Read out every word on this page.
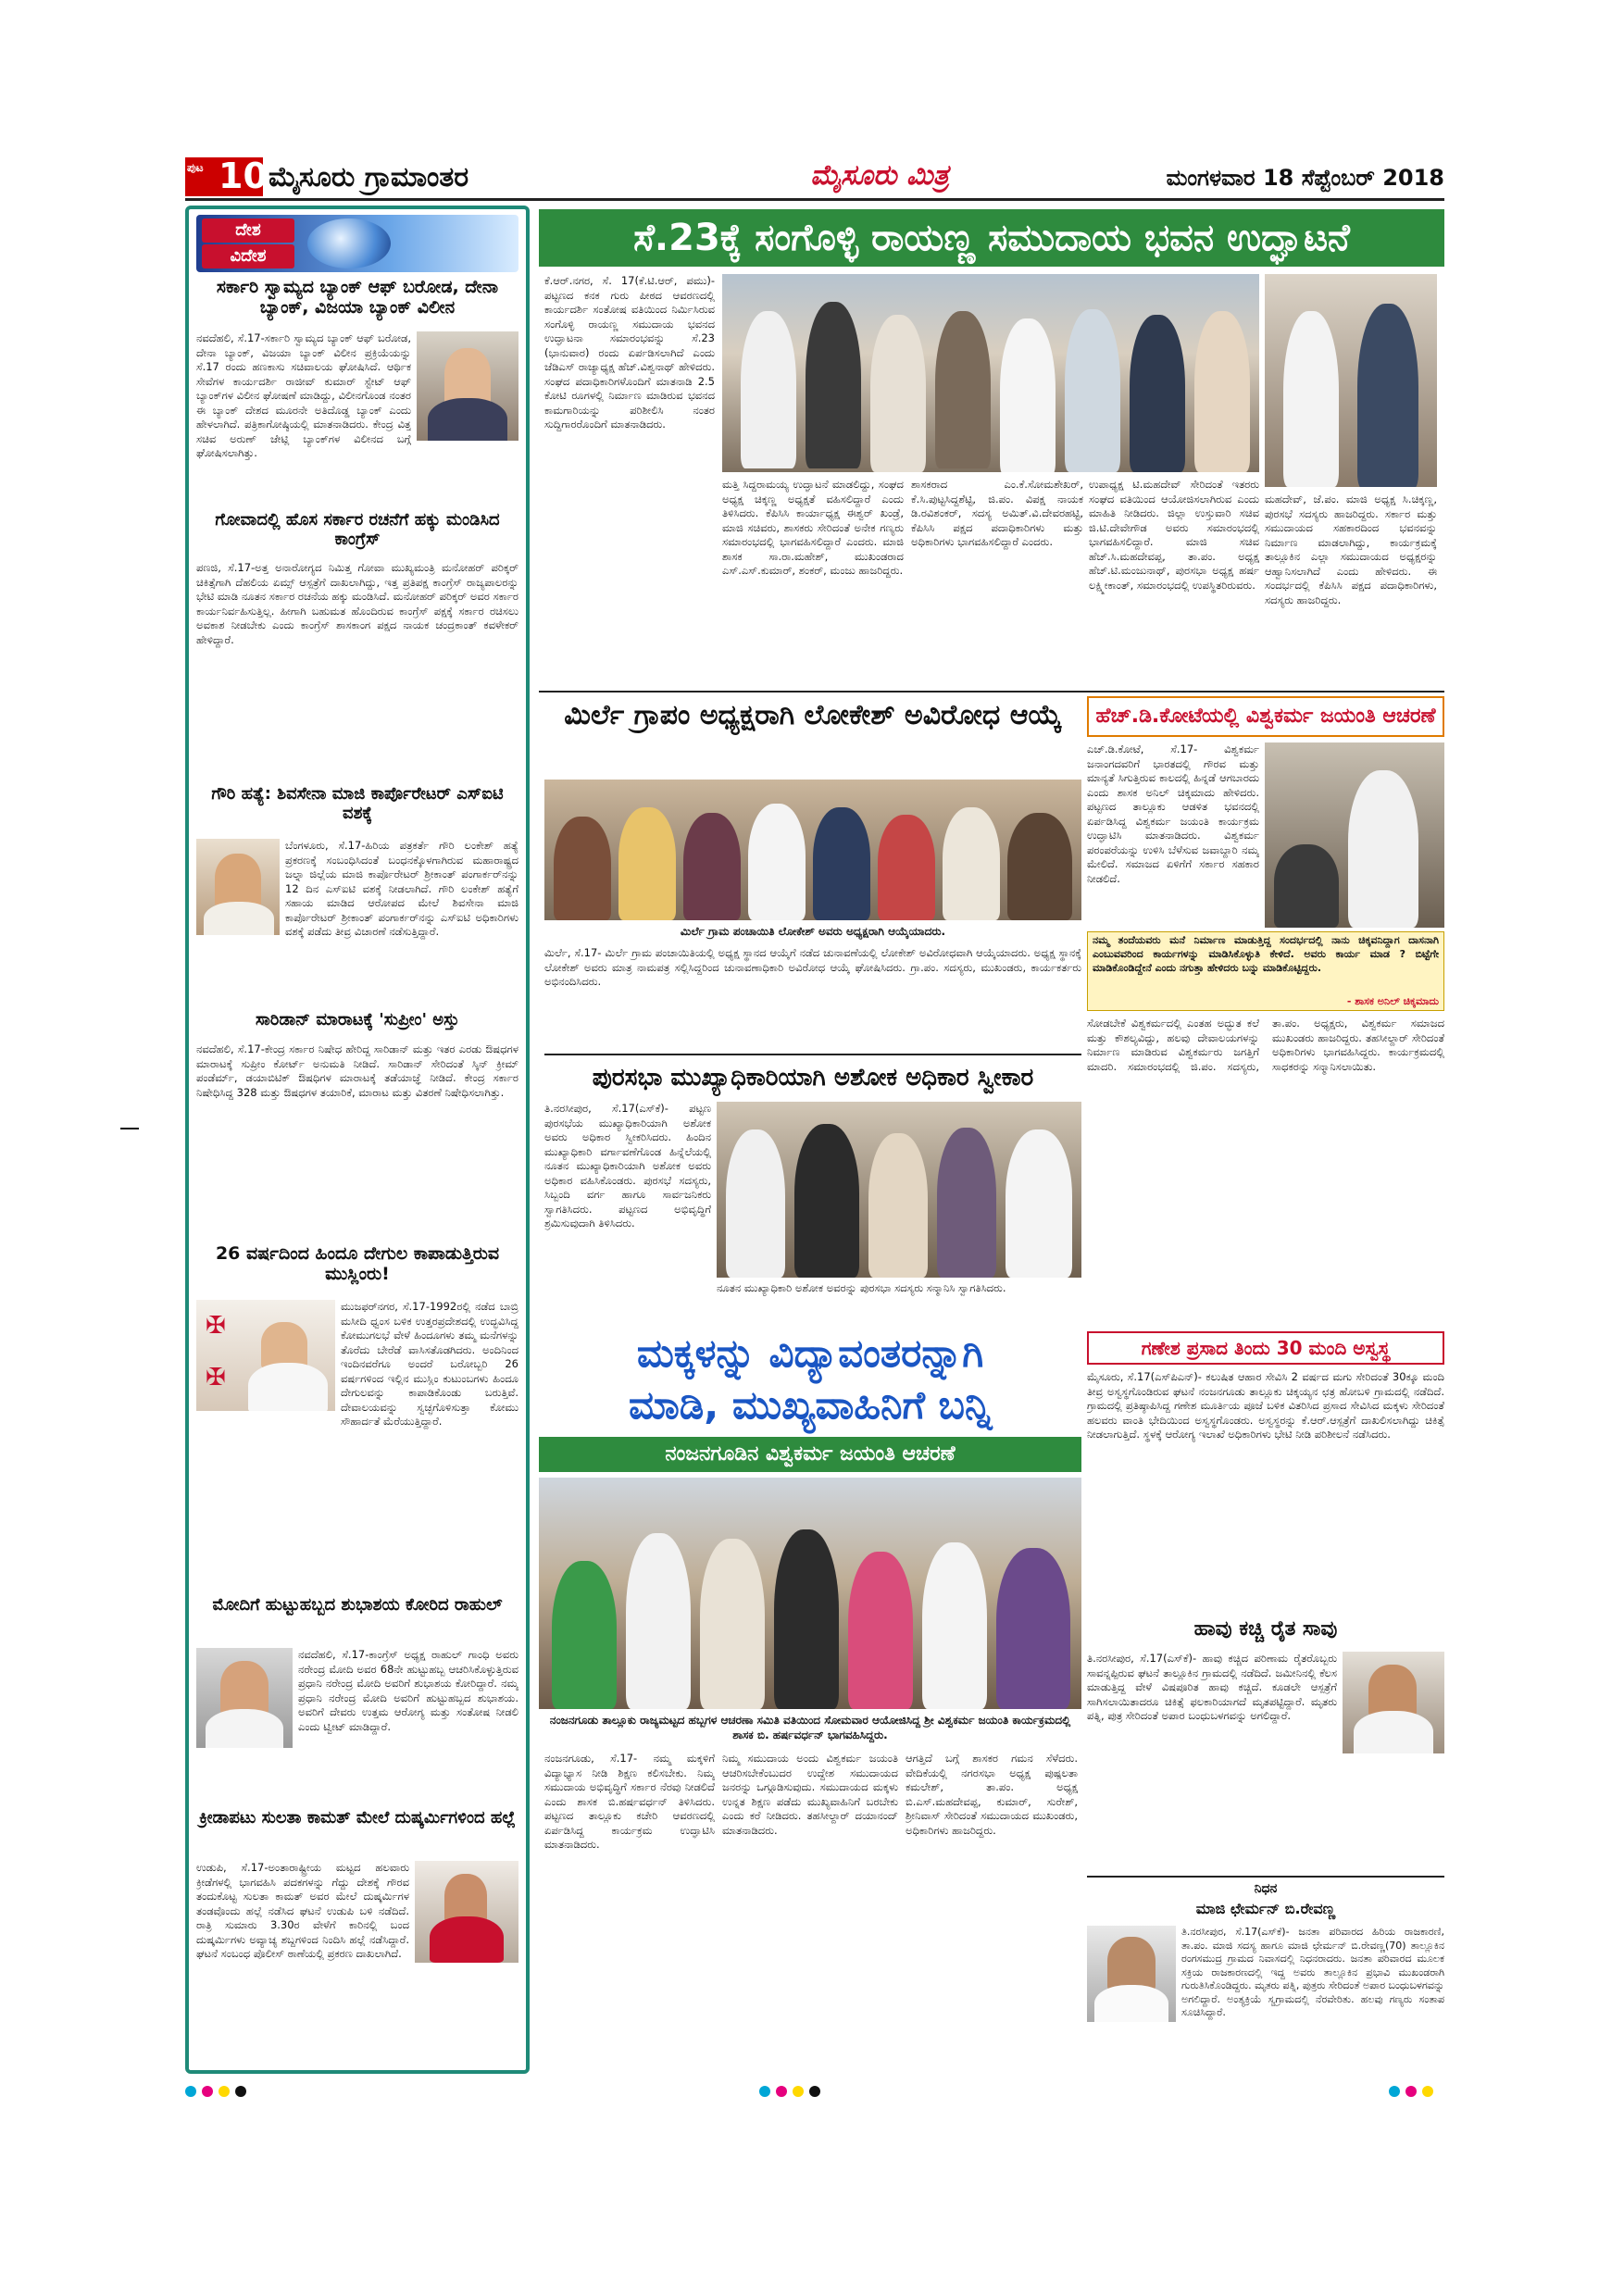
ಪುಟ 10 ಮೈಸೂರು ಗ್ರಾಮಾಂತರ	ಮೈಸೂರು ಮಿತ್ರ	ಮಂಗಳವಾರ 18 ಸೆಪ್ಟೆಂಬರ್ 2018
ದೇಶ
ವಿದೇಶ
ಸರ್ಕಾರಿ ಸ್ವಾಮ್ಯದ ಬ್ಯಾಂಕ್ ಆಫ್ ಬರೋಡ, ದೇನಾ ಬ್ಯಾಂಕ್, ವಿಜಯಾ ಬ್ಯಾಂಕ್ ವಿಲೀನ
ನವದೆಹಲಿ, ಸೆ.17-ಸರ್ಕಾರಿ ಸ್ವಾಮ್ಯದ ಬ್ಯಾಂಕ್ ಆಫ್ ಬರೋಡ, ದೇನಾ ಬ್ಯಾಂಕ್, ವಿಜಯಾ ಬ್ಯಾಂಕ್ ವಿಲೀನ ಪ್ರಕ್ರಿಯೆಯನ್ನು ಸೆ.17 ರಂದು ಹಣಕಾಸು ಸಚಿವಾಲಯ ಘೋಷಿಸಿದೆ. ಆರ್ಥಿಕ ಸೇವೆಗಳ ಕಾರ್ಯದರ್ಶಿ ರಾಜೀವ್ ಕುಮಾರ್ ಸ್ಟೇಟ್ ಆಫ್ ಬ್ಯಾಂಕ್‌ಗಳ ವಿಲೀನ ಘೋಷಣೆ ಮಾಡಿದ್ದು, ವಿಲೀನಗೊಂಡ ನಂತರ ಈ ಬ್ಯಾಂಕ್ ದೇಶದ ಮೂರನೇ ಅತಿದೊಡ್ಡ ಬ್ಯಾಂಕ್ ಎಂದು ಹೇಳಲಾಗಿದೆ. ಪತ್ರಿಕಾಗೋಷ್ಠಿಯಲ್ಲಿ ಮಾತನಾಡಿದರು. ಕೇಂದ್ರ ವಿತ್ತ ಸಚಿವ ಅರುಣ್ ಜೇಟ್ಲಿ ಬ್ಯಾಂಕ್‌ಗಳ ವಿಲೀನದ ಬಗ್ಗೆ ಘೋಷಿಸಲಾಗಿತ್ತು.
ಗೋವಾದಲ್ಲಿ ಹೊಸ ಸರ್ಕಾರ ರಚನೆಗೆ ಹಕ್ಕು ಮಂಡಿಸಿದ ಕಾಂಗ್ರೆಸ್
ಪಣಜಿ, ಸೆ.17-ಅತ್ತ ಅನಾರೋಗ್ಯದ ನಿಮಿತ್ತ ಗೋವಾ ಮುಖ್ಯಮಂತ್ರಿ ಮನೋಹರ್ ಪರಿಕ್ಕರ್ ಚಿಕಿತ್ಸೆಗಾಗಿ ದೆಹಲಿಯ ಏಮ್ಸ್ ಆಸ್ಪತ್ರೆಗೆ ದಾಖಲಾಗಿದ್ದು, ಇತ್ತ ಪ್ರತಿಪಕ್ಷ ಕಾಂಗ್ರೆಸ್ ರಾಜ್ಯಪಾಲರನ್ನು ಭೇಟಿ ಮಾಡಿ ನೂತನ ಸರ್ಕಾರ ರಚನೆಯ ಹಕ್ಕು ಮಂಡಿಸಿದೆ. ಮನೋಹರ್ ಪರಿಕ್ಕರ್ ಅವರ ಸರ್ಕಾರ ಕಾರ್ಯನಿರ್ವಹಿಸುತ್ತಿಲ್ಲ. ಹೀಗಾಗಿ ಬಹುಮತ ಹೊಂದಿರುವ ಕಾಂಗ್ರೆಸ್ ಪಕ್ಷಕ್ಕೆ ಸರ್ಕಾರ ರಚಿಸಲು ಅವಕಾಶ ನೀಡಬೇಕು ಎಂದು ಕಾಂಗ್ರೆಸ್ ಶಾಸಕಾಂಗ ಪಕ್ಷದ ನಾಯಕ ಚಂದ್ರಕಾಂತ್ ಕವಳೇಕರ್ ಹೇಳಿದ್ದಾರೆ.
ಗೌರಿ ಹತ್ಯೆ: ಶಿವಸೇನಾ ಮಾಜಿ ಕಾರ್ಪೊರೇಟರ್ ಎಸ್‌ಐಟಿ ವಶಕ್ಕೆ
ಬೆಂಗಳೂರು, ಸೆ.17-ಹಿರಿಯ ಪತ್ರಕರ್ತೆ ಗೌರಿ ಲಂಕೇಶ್ ಹತ್ಯೆ ಪ್ರಕರಣಕ್ಕೆ ಸಂಬಂಧಿಸಿದಂತೆ ಬಂಧನಕ್ಕೊಳಗಾಗಿರುವ ಮಹಾರಾಷ್ಟ್ರದ ಜಲ್ನಾ ಜಿಲ್ಲೆಯ ಮಾಜಿ ಕಾರ್ಪೊರೇಟರ್ ಶ್ರೀಕಾಂತ್ ಪಂಗಾರ್ಕರ್‌ನನ್ನು 12 ದಿನ ಎಸ್‌ಐಟಿ ವಶಕ್ಕೆ ನೀಡಲಾಗಿದೆ. ಗೌರಿ ಲಂಕೇಶ್ ಹತ್ಯೆಗೆ ಸಹಾಯ ಮಾಡಿದ ಆರೋಪದ ಮೇಲೆ ಶಿವಸೇನಾ ಮಾಜಿ ಕಾರ್ಪೊರೇಟರ್ ಶ್ರೀಕಾಂತ್ ಪಂಗಾರ್ಕರ್‌ನನ್ನು ಎಸ್‌ಐಟಿ ಅಧಿಕಾರಿಗಳು ವಶಕ್ಕೆ ಪಡೆದು ತೀವ್ರ ವಿಚಾರಣೆ ನಡೆಸುತ್ತಿದ್ದಾರೆ.
ಸಾರಿಡಾನ್ ಮಾರಾಟಕ್ಕೆ 'ಸುಪ್ರೀಂ' ಅಸ್ತು
ನವದೆಹಲಿ, ಸೆ.17-ಕೇಂದ್ರ ಸರ್ಕಾರ ನಿಷೇಧ ಹೇರಿದ್ದ ಸಾರಿಡಾನ್ ಮತ್ತು ಇತರ ಎರಡು ಔಷಧಗಳ ಮಾರಾಟಕ್ಕೆ ಸುಪ್ರೀಂ ಕೋರ್ಟ್ ಅನುಮತಿ ನೀಡಿದೆ. ಸಾರಿಡಾನ್ ಸೇರಿದಂತೆ ಸ್ಕಿನ್ ಕ್ರೀಮ್ ಪಂಡೆರ್ಮ್, ಡಯಾಬಿಟಿಕ್ ಔಷಧಿಗಳ ಮಾರಾಟಕ್ಕೆ ತಡೆಯಾಜ್ಞೆ ನೀಡಿದೆ. ಕೇಂದ್ರ ಸರ್ಕಾರ ನಿಷೇಧಿಸಿದ್ದ 328 ಮತ್ತು ಔಷಧಗಳ ತಯಾರಿಕೆ, ಮಾರಾಟ ಮತ್ತು ವಿತರಣೆ ನಿಷೇಧಿಸಲಾಗಿತ್ತು.
26 ವರ್ಷದಿಂದ ಹಿಂದೂ ದೇಗುಲ ಕಾಪಾಡುತ್ತಿರುವ ಮುಸ್ಲಿಂರು!
✠
✠
ಮುಜಫರ್‌ನಗರ, ಸೆ.17-1992ರಲ್ಲಿ ನಡೆದ ಬಾಬ್ರಿ ಮಸೀದಿ ಧ್ವಂಸ ಬಳಿಕ ಉತ್ತರಪ್ರದೇಶದಲ್ಲಿ ಉದ್ಭವಿಸಿದ್ದ ಕೋಮುಗಲಭೆ ವೇಳೆ ಹಿಂದೂಗಳು ತಮ್ಮ ಮನೆಗಳನ್ನು ತೊರೆದು ಬೇರೆಡೆ ವಾಸಿಸತೊಡಗಿದರು. ಅಂದಿನಿಂದ ಇಂದಿನವರೆಗೂ ಅಂದರೆ ಬರೋಬ್ಬರಿ 26 ವರ್ಷಗಳಿಂದ ಇಲ್ಲಿನ ಮುಸ್ಲಿಂ ಕುಟುಂಬಗಳು ಹಿಂದೂ ದೇಗುಲವನ್ನು ಕಾಪಾಡಿಕೊಂಡು ಬರುತ್ತಿವೆ. ದೇವಾಲಯವನ್ನು ಸ್ವಚ್ಛಗೊಳಿಸುತ್ತಾ ಕೋಮು ಸೌಹಾರ್ದತೆ ಮೆರೆಯುತ್ತಿದ್ದಾರೆ.
ಮೋದಿಗೆ ಹುಟ್ಟುಹಬ್ಬದ ಶುಭಾಶಯ ಕೋರಿದ ರಾಹುಲ್
ನವದೆಹಲಿ, ಸೆ.17-ಕಾಂಗ್ರೆಸ್ ಅಧ್ಯಕ್ಷ ರಾಹುಲ್ ಗಾಂಧಿ ಅವರು ನರೇಂದ್ರ ಮೋದಿ ಅವರ 68ನೇ ಹುಟ್ಟುಹಬ್ಬ ಆಚರಿಸಿಕೊಳ್ಳುತ್ತಿರುವ ಪ್ರಧಾನಿ ನರೇಂದ್ರ ಮೋದಿ ಅವರಿಗೆ ಶುಭಾಶಯ ಕೋರಿದ್ದಾರೆ. ನಮ್ಮ ಪ್ರಧಾನಿ ನರೇಂದ್ರ ಮೋದಿ ಅವರಿಗೆ ಹುಟ್ಟುಹಬ್ಬದ ಶುಭಾಶಯ. ಅವರಿಗೆ ದೇವರು ಉತ್ತಮ ಆರೋಗ್ಯ ಮತ್ತು ಸಂತೋಷ ನೀಡಲಿ ಎಂದು ಟ್ವೀಟ್ ಮಾಡಿದ್ದಾರೆ.
ಕ್ರೀಡಾಪಟು ಸುಲತಾ ಕಾಮತ್ ಮೇಲೆ ದುಷ್ಕರ್ಮಿಗಳಿಂದ ಹಲ್ಲೆ
ಉಡುಪಿ, ಸೆ.17-ಅಂತಾರಾಷ್ಟ್ರೀಯ ಮಟ್ಟದ ಹಲವಾರು ಕ್ರೀಡೆಗಳಲ್ಲಿ ಭಾಗವಹಿಸಿ ಪದಕಗಳನ್ನು ಗೆದ್ದು ದೇಶಕ್ಕೆ ಗೌರವ ತಂದುಕೊಟ್ಟ ಸುಲತಾ ಕಾಮತ್ ಅವರ ಮೇಲೆ ದುಷ್ಕರ್ಮಿಗಳ ತಂಡವೊಂದು ಹಲ್ಲೆ ನಡೆಸಿದ ಘಟನೆ ಉಡುಪಿ ಬಳಿ ನಡೆದಿದೆ. ರಾತ್ರಿ ಸುಮಾರು 3.30ರ ವೇಳೆಗೆ ಕಾರಿನಲ್ಲಿ ಬಂದ ದುಷ್ಕರ್ಮಿಗಳು ಅವ್ಯಾಚ್ಯ ಶಬ್ದಗಳಿಂದ ನಿಂದಿಸಿ ಹಲ್ಲೆ ನಡೆಸಿದ್ದಾರೆ. ಘಟನೆ ಸಂಬಂಧ ಪೊಲೀಸ್ ಠಾಣೆಯಲ್ಲಿ ಪ್ರಕರಣ ದಾಖಲಾಗಿದೆ.
ಸೆ.23ಕ್ಕೆ ಸಂಗೊಳ್ಳಿ ರಾಯಣ್ಣ ಸಮುದಾಯ ಭವನ ಉದ್ಘಾಟನೆ
ಕೆ.ಆರ್.ನಗರ, ಸೆ. 17(ಕೆ.ಟಿ.ಆರ್, ಪಮು)-ಪಟ್ಟಣದ ಕನಕ ಗುರು ಪೀಠದ ಆವರಣದಲ್ಲಿ ಕಾರ್ಯದರ್ಶಿ ಸಂತೋಷ ವತಿಯಿಂದ ನಿರ್ಮಿಸಿರುವ ಸಂಗೊಳ್ಳಿ ರಾಯಣ್ಣ ಸಮುದಾಯ ಭವನದ ಉದ್ಘಾಟನಾ ಸಮಾರಂಭವನ್ನು ಸೆ.23 (ಭಾನುವಾರ) ರಂದು ಏರ್ಪಡಿಸಲಾಗಿದೆ ಎಂದು ಜೆಡಿಎಸ್ ರಾಜ್ಯಾಧ್ಯಕ್ಷ ಹೆಚ್.ವಿಶ್ವನಾಥ್ ಹೇಳಿದರು. ಸಂಘದ ಪದಾಧಿಕಾರಿಗಳೊಂದಿಗೆ ಮಾತನಾಡಿ 2.5 ಕೋಟಿ ರೂಗಳಲ್ಲಿ ನಿರ್ಮಾಣ ಮಾಡಿರುವ ಭವನದ ಕಾಮಗಾರಿಯನ್ನು ಪರಿಶೀಲಿಸಿ ನಂತರ ಸುದ್ದಿಗಾರರೊಂದಿಗೆ ಮಾತನಾಡಿದರು.
ಮಹದೇವ್, ಜೆ.ಪಂ. ಮಾಜಿ ಅಧ್ಯಕ್ಷ ಸಿ.ಚಿಕ್ಕಣ್ಣ, ಪುರಸಭೆ ಸದಸ್ಯರು ಹಾಜರಿದ್ದರು. ಸರ್ಕಾರ ಮತ್ತು ಸಮುದಾಯದ ಸಹಕಾರದಿಂದ ಭವನವನ್ನು ನಿರ್ಮಾಣ ಮಾಡಲಾಗಿದ್ದು, ಕಾರ್ಯಕ್ರಮಕ್ಕೆ ತಾಲ್ಲೂಕಿನ ಎಲ್ಲಾ ಸಮುದಾಯದ ಅಧ್ಯಕ್ಷರನ್ನು ಆಹ್ವಾನಿಸಲಾಗಿದೆ ಎಂದು ಹೇಳಿದರು. ಈ ಸಂದರ್ಭದಲ್ಲಿ ಕೆಪಿಸಿಸಿ ಪಕ್ಷದ ಪದಾಧಿಕಾರಿಗಳು, ಸದಸ್ಯರು ಹಾಜರಿದ್ದರು.
ಮತ್ತಿ ಸಿದ್ದರಾಮಯ್ಯ ಉದ್ಘಾಟನೆ ಮಾಡಲಿದ್ದು, ಸಂಘದ ಅಧ್ಯಕ್ಷ ಚಿಕ್ಕಣ್ಣ ಅಧ್ಯಕ್ಷತೆ ವಹಿಸಲಿದ್ದಾರೆ ಎಂದು ತಿಳಿಸಿದರು. ಕೆಪಿಸಿಸಿ ಕಾರ್ಯಾಧ್ಯಕ್ಷ ಈಶ್ವರ್ ಖಂಡ್ರೆ, ಮಾಜಿ ಸಚಿವರು, ಶಾಸಕರು ಸೇರಿದಂತೆ ಅನೇಕ ಗಣ್ಯರು ಸಮಾರಂಭದಲ್ಲಿ ಭಾಗವಹಿಸಲಿದ್ದಾರೆ ಎಂದರು. ಮಾಜಿ ಶಾಸಕ ಸಾ.ರಾ.ಮಹೇಶ್, ಮುಖಂಡರಾದ ಎಸ್.ಎಸ್.ಕುಮಾರ್, ಶಂಕರ್, ಮಂಜು ಹಾಜರಿದ್ದರು.
ಶಾಸಕರಾದ ಎಂ.ಕೆ.ಸೋಮಶೇಖರ್, ಕೆ.ಸಿ.ಪುಟ್ಟಸಿದ್ದಶೆಟ್ಟಿ, ಜಿ.ಪಂ. ವಿಪಕ್ಷ ನಾಯಕ ಡಿ.ರವಿಶಂಕರ್, ಸದಸ್ಯ ಅಮಿತ್.ವಿ.ದೇವರಹಟ್ಟಿ, ಕೆಪಿಸಿಸಿ ಪಕ್ಷದ ಪದಾಧಿಕಾರಿಗಳು ಮತ್ತು ಅಧಿಕಾರಿಗಳು ಭಾಗವಹಿಸಲಿದ್ದಾರೆ ಎಂದರು.
ಉಪಾಧ್ಯಕ್ಷ ಟಿ.ಮಹದೇವ್ ಸೇರಿದಂತೆ ಇತರರು ಸಂಘದ ವತಿಯಿಂದ ಆಯೋಜಿಸಲಾಗಿರುವ ಎಂದು ಮಾಹಿತಿ ನೀಡಿದರು. ಜಿಲ್ಲಾ ಉಸ್ತುವಾರಿ ಸಚಿವ ಜಿ.ಟಿ.ದೇವೇಗೌಡ ಅವರು ಸಮಾರಂಭದಲ್ಲಿ ಭಾಗವಹಿಸಲಿದ್ದಾರೆ. ಮಾಜಿ ಸಚಿವ ಹೆಚ್.ಸಿ.ಮಹದೇವಪ್ಪ, ತಾ.ಪಂ. ಅಧ್ಯಕ್ಷ ಹೆಚ್.ಟಿ.ಮಂಜುನಾಥ್, ಪುರಸಭಾ ಅಧ್ಯಕ್ಷ ಹರ್ಷ ಲಕ್ಷ್ಮೀಕಾಂತ್, ಸಮಾರಂಭದಲ್ಲಿ ಉಪಸ್ಥಿತರಿರುವರು.
ಮಿರ್ಲೆ ಗ್ರಾಪಂ ಅಧ್ಯಕ್ಷರಾಗಿ ಲೋಕೇಶ್ ಅವಿರೋಧ ಆಯ್ಕೆ
ಮಿರ್ಲೆ ಗ್ರಾಮ ಪಂಚಾಯಿತಿ ಲೋಕೇಶ್ ಅವರು ಅಧ್ಯಕ್ಷರಾಗಿ ಆಯ್ಕೆಯಾದರು.
ಮಿರ್ಲೆ, ಸೆ.17- ಮಿರ್ಲೆ ಗ್ರಾಮ ಪಂಚಾಯಿತಿಯಲ್ಲಿ ಅಧ್ಯಕ್ಷ ಸ್ಥಾನದ ಆಯ್ಕೆಗೆ ನಡೆದ ಚುನಾವಣೆಯಲ್ಲಿ ಲೋಕೇಶ್ ಅವಿರೋಧವಾಗಿ ಆಯ್ಕೆಯಾದರು. ಅಧ್ಯಕ್ಷ ಸ್ಥಾನಕ್ಕೆ ಲೋಕೇಶ್ ಅವರು ಮಾತ್ರ ನಾಮಪತ್ರ ಸಲ್ಲಿಸಿದ್ದರಿಂದ ಚುನಾವಣಾಧಿಕಾರಿ ಅವಿರೋಧ ಆಯ್ಕೆ ಘೋಷಿಸಿದರು. ಗ್ರಾ.ಪಂ. ಸದಸ್ಯರು, ಮುಖಂಡರು, ಕಾರ್ಯಕರ್ತರು ಅಭಿನಂದಿಸಿದರು.
ಪುರಸಭಾ ಮುಖ್ಯಾಧಿಕಾರಿಯಾಗಿ ಅಶೋಕ ಅಧಿಕಾರ ಸ್ವೀಕಾರ
ತಿ.ನರಸೀಪುರ, ಸೆ.17(ಎಸ್‌ಕೆ)- ಪಟ್ಟಣ ಪುರಸಭೆಯ ಮುಖ್ಯಾಧಿಕಾರಿಯಾಗಿ ಅಶೋಕ ಅವರು ಅಧಿಕಾರ ಸ್ವೀಕರಿಸಿದರು. ಹಿಂದಿನ ಮುಖ್ಯಾಧಿಕಾರಿ ವರ್ಗಾವಣೆಗೊಂಡ ಹಿನ್ನೆಲೆಯಲ್ಲಿ ನೂತನ ಮುಖ್ಯಾಧಿಕಾರಿಯಾಗಿ ಅಶೋಕ ಅವರು ಅಧಿಕಾರ ವಹಿಸಿಕೊಂಡರು. ಪುರಸಭೆ ಸದಸ್ಯರು, ಸಿಬ್ಬಂದಿ ವರ್ಗ ಹಾಗೂ ಸಾರ್ವಜನಿಕರು ಸ್ವಾಗತಿಸಿದರು. ಪಟ್ಟಣದ ಅಭಿವೃದ್ಧಿಗೆ ಶ್ರಮಿಸುವುದಾಗಿ ತಿಳಿಸಿದರು.
ನೂತನ ಮುಖ್ಯಾಧಿಕಾರಿ ಅಶೋಕ ಅವರನ್ನು ಪುರಸಭಾ ಸದಸ್ಯರು ಸನ್ಮಾನಿಸಿ ಸ್ವಾಗತಿಸಿದರು.
ಹೆಚ್.ಡಿ.ಕೋಟೆಯಲ್ಲಿ ವಿಶ್ವಕರ್ಮ ಜಯಂತಿ ಆಚರಣೆ
ಎಚ್.ಡಿ.ಕೋಟೆ, ಸೆ.17- ವಿಶ್ವಕರ್ಮ ಜನಾಂಗದವರಿಗೆ ಭಾರತದಲ್ಲಿ ಗೌರವ ಮತ್ತು ಮಾನ್ಯತೆ ಸಿಗುತ್ತಿರುವ ಕಾಲದಲ್ಲಿ ಹಿನ್ನಡೆ ಆಗಬಾರದು ಎಂದು ಶಾಸಕ ಅನಿಲ್ ಚಿಕ್ಕಮಾದು ಹೇಳಿದರು. ಪಟ್ಟಣದ ತಾಲ್ಲೂಕು ಆಡಳಿತ ಭವನದಲ್ಲಿ ಏರ್ಪಡಿಸಿದ್ದ ವಿಶ್ವಕರ್ಮ ಜಯಂತಿ ಕಾರ್ಯಕ್ರಮ ಉದ್ಘಾಟಿಸಿ ಮಾತನಾಡಿದರು. ವಿಶ್ವಕರ್ಮ ಪರಂಪರೆಯನ್ನು ಉಳಿಸಿ ಬೆಳೆಸುವ ಜವಾಬ್ದಾರಿ ನಮ್ಮ ಮೇಲಿದೆ. ಸಮಾಜದ ಏಳಿಗೆಗೆ ಸರ್ಕಾರ ಸಹಕಾರ ನೀಡಲಿದೆ.
ನಮ್ಮ ತಂದೆಯವರು ಮನೆ ನಿರ್ಮಾಣ ಮಾಡುತ್ತಿದ್ದ ಸಂದರ್ಭದಲ್ಲಿ ನಾನು ಚಿಕ್ಕವನಿದ್ದಾಗ ದಾಸನಾಗಿ ಎಂಬುವವರಿಂದ ಕಾರ್ಯಗಳನ್ನು ಮಾಡಿಸಿಕೊಳ್ಳುತಿ ಕೇಳಿದೆ. ಅವರು ಕಾರ್ಯ ಮಾಡ ? ಬಿಟ್ಟೆಗೇ ಮಾಡಿಕೊಂಡಿದ್ದೇನೆ ಎಂದು ನಗುತ್ತಾ ಹೇಳಿದರು ಬನ್ನು ಮಾಡಿಕೊಟ್ಟಿದ್ದರು.
- ಶಾಸಕ ಅನಿಲ್ ಚಿಕ್ಕಮಾದು
ಸೋಡಬೇಕೆ ವಿಶ್ವಕರ್ಮದಲ್ಲಿ ಎಂತಹ ಅದ್ಭುತ ಕಲೆ ಮತ್ತು ಕೌಶಲ್ಯವಿದ್ದು, ಹಲವು ದೇವಾಲಯಗಳನ್ನು ನಿರ್ಮಾಣ ಮಾಡಿರುವ ವಿಶ್ವಕರ್ಮರು ಜಗತ್ತಿಗೆ ಮಾದರಿ. ಸಮಾರಂಭದಲ್ಲಿ ಜಿ.ಪಂ. ಸದಸ್ಯರು, ತಾ.ಪಂ. ಅಧ್ಯಕ್ಷರು, ವಿಶ್ವಕರ್ಮ ಸಮಾಜದ ಮುಖಂಡರು ಹಾಜರಿದ್ದರು. ತಹಸೀಲ್ದಾರ್ ಸೇರಿದಂತೆ ಅಧಿಕಾರಿಗಳು ಭಾಗವಹಿಸಿದ್ದರು. ಕಾರ್ಯಕ್ರಮದಲ್ಲಿ ಸಾಧಕರನ್ನು ಸನ್ಮಾನಿಸಲಾಯಿತು.
ಗಣೇಶ ಪ್ರಸಾದ ತಿಂದು 30 ಮಂದಿ ಅಸ್ವಸ್ಥ
ಮೈಸೂರು, ಸೆ.17(ಎಸ್‌ಪಿಎನ್)- ಕಲುಷಿತ ಆಹಾರ ಸೇವಿಸಿ 2 ವರ್ಷದ ಮಗು ಸೇರಿದಂತೆ 30ಕ್ಕೂ ಮಂದಿ ತೀವ್ರ ಅಸ್ವಸ್ಥಗೊಂಡಿರುವ ಘಟನೆ ನಂಜನಗೂಡು ತಾಲ್ಲೂಕು ಚಿಕ್ಕಯ್ಯನ ಛತ್ರ ಹೋಬಳಿ ಗ್ರಾಮದಲ್ಲಿ ನಡೆದಿದೆ. ಗ್ರಾಮದಲ್ಲಿ ಪ್ರತಿಷ್ಠಾಪಿಸಿದ್ದ ಗಣೇಶ ಮೂರ್ತಿಯ ಪೂಜೆ ಬಳಿಕ ವಿತರಿಸಿದ ಪ್ರಸಾದ ಸೇವಿಸಿದ ಮಕ್ಕಳು ಸೇರಿದಂತೆ ಹಲವರು ವಾಂತಿ ಭೇದಿಯಿಂದ ಅಸ್ವಸ್ಥಗೊಂಡರು. ಅಸ್ವಸ್ಥರನ್ನು ಕೆ.ಆರ್.ಆಸ್ಪತ್ರೆಗೆ ದಾಖಲಿಸಲಾಗಿದ್ದು ಚಿಕಿತ್ಸೆ ನೀಡಲಾಗುತ್ತಿದೆ. ಸ್ಥಳಕ್ಕೆ ಆರೋಗ್ಯ ಇಲಾಖೆ ಅಧಿಕಾರಿಗಳು ಭೇಟಿ ನೀಡಿ ಪರಿಶೀಲನೆ ನಡೆಸಿದರು.
ಮಕ್ಕಳನ್ನು ವಿದ್ಯಾವಂತರನ್ನಾಗಿ
ಮಾಡಿ, ಮುಖ್ಯವಾಹಿನಿಗೆ ಬನ್ನಿ
ನಂಜನಗೂಡಿನ ವಿಶ್ವಕರ್ಮ ಜಯಂತಿ ಆಚರಣೆ
ನಂಜನಗೂಡು ತಾಲ್ಲೂಕು ರಾಜ್ಯಮಟ್ಟದ ಹಬ್ಬಗಳ ಆಚರಣಾ ಸಮಿತಿ ವತಿಯಿಂದ ಸೋಮವಾರ ಆಯೋಜಿಸಿದ್ದ ಶ್ರೀ ವಿಶ್ವಕರ್ಮ ಜಯಂತಿ ಕಾರ್ಯಕ್ರಮದಲ್ಲಿ ಶಾಸಕ ಬಿ. ಹರ್ಷವರ್ಧನ್ ಭಾಗವಹಿಸಿದ್ದರು.
ನಂಜನಗೂಡು, ಸೆ.17- ನಮ್ಮ ಮಕ್ಕಳಿಗೆ ವಿದ್ಯಾಭ್ಯಾಸ ನೀಡಿ ಶಿಕ್ಷಣ ಕಲಿಸಬೇಕು. ನಿಮ್ಮ ಸಮುದಾಯ ಅಭಿವೃದ್ಧಿಗೆ ಸರ್ಕಾರ ನೆರವು ನೀಡಲಿದೆ ಎಂದು ಶಾಸಕ ಬಿ.ಹರ್ಷವರ್ಧನ್ ತಿಳಿಸಿದರು. ಪಟ್ಟಣದ ತಾಲ್ಲೂಕು ಕಚೇರಿ ಆವರಣದಲ್ಲಿ ಏರ್ಪಡಿಸಿದ್ದ ಕಾರ್ಯಕ್ರಮ ಉದ್ಘಾಟಿಸಿ ಮಾತನಾಡಿದರು.
ನಿಮ್ಮ ಸಮುದಾಯ ಅಂದು ವಿಶ್ವಕರ್ಮ ಜಯಂತಿ ಆಚರಿಸಬೇಕೆಂಬುದರ ಉದ್ದೇಶ ಸಮುದಾಯದ ಜನರನ್ನು ಒಗ್ಗೂಡಿಸುವುದು. ಸಮುದಾಯದ ಮಕ್ಕಳು ಉನ್ನತ ಶಿಕ್ಷಣ ಪಡೆದು ಮುಖ್ಯವಾಹಿನಿಗೆ ಬರಬೇಕು ಎಂದು ಕರೆ ನೀಡಿದರು. ತಹಸೀಲ್ದಾರ್ ದಯಾನಂದ್ ಮಾತನಾಡಿದರು.
ಆಗತ್ತಿದೆ ಬಗ್ಗೆ ಶಾಸಕರ ಗಮನ ಸೆಳೆದರು. ವೇದಿಕೆಯಲ್ಲಿ ನಗರಸಭಾ ಅಧ್ಯಕ್ಷ ಪುಷ್ಪಲತಾ ಕಮಲೇಶ್, ತಾ.ಪಂ. ಅಧ್ಯಕ್ಷ ಬಿ.ಎಸ್.ಮಹದೇವಪ್ಪ, ಕುಮಾರ್, ಸುರೇಶ್, ಶ್ರೀನಿವಾಸ್ ಸೇರಿದಂತೆ ಸಮುದಾಯದ ಮುಖಂಡರು, ಅಧಿಕಾರಿಗಳು ಹಾಜರಿದ್ದರು.
ಹಾವು ಕಚ್ಚಿ ರೈತ ಸಾವು
ತಿ.ನರಸೀಪುರ, ಸೆ.17(ಎಸ್‌ಕೆ)- ಹಾವು ಕಚ್ಚಿದ ಪರಿಣಾಮ ರೈತರೊಬ್ಬರು ಸಾವನ್ನಪ್ಪಿರುವ ಘಟನೆ ತಾಲ್ಲೂಕಿನ ಗ್ರಾಮದಲ್ಲಿ ನಡೆದಿದೆ. ಜಮೀನಿನಲ್ಲಿ ಕೆಲಸ ಮಾಡುತ್ತಿದ್ದ ವೇಳೆ ವಿಷಪೂರಿತ ಹಾವು ಕಚ್ಚಿದೆ. ಕೂಡಲೇ ಆಸ್ಪತ್ರೆಗೆ ಸಾಗಿಸಲಾಯಿತಾದರೂ ಚಿಕಿತ್ಸೆ ಫಲಕಾರಿಯಾಗದೆ ಮೃತಪಟ್ಟಿದ್ದಾರೆ. ಮೃತರು ಪತ್ನಿ, ಪುತ್ರ ಸೇರಿದಂತೆ ಅಪಾರ ಬಂಧುಬಳಗವನ್ನು ಅಗಲಿದ್ದಾರೆ.
ನಿಧನ
ಮಾಜಿ ಛೇರ್ಮನ್ ಬಿ.ರೇವಣ್ಣ
ತಿ.ನರಸೀಪುರ, ಸೆ.17(ಎಸ್‌ಕೆ)- ಜನತಾ ಪರಿವಾರದ ಹಿರಿಯ ರಾಜಕಾರಣಿ, ತಾ.ಪಂ. ಮಾಜಿ ಸದಸ್ಯ ಹಾಗೂ ಮಾಜಿ ಛೇರ್ಮನ್ ಬಿ.ರೇವಣ್ಣ(70) ತಾಲ್ಲೂಕಿನ ರಂಗಸಮುದ್ರ ಗ್ರಾಮದ ನಿವಾಸದಲ್ಲಿ ನಿಧನರಾದರು. ಜನತಾ ಪರಿವಾರದ ಮೂಲಕ ಸಕ್ರಿಯ ರಾಜಕಾರಣದಲ್ಲಿ ಇದ್ದ ಅವರು ತಾಲ್ಲೂಕಿನ ಪ್ರಭಾವಿ ಮುಖಂಡರಾಗಿ ಗುರುತಿಸಿಕೊಂಡಿದ್ದರು. ಮೃತರು ಪತ್ನಿ, ಪುತ್ರರು ಸೇರಿದಂತೆ ಅಪಾರ ಬಂಧುಬಳಗವನ್ನು ಅಗಲಿದ್ದಾರೆ. ಅಂತ್ಯಕ್ರಿಯೆ ಸ್ವಗ್ರಾಮದಲ್ಲಿ ನೆರವೇರಿತು. ಹಲವು ಗಣ್ಯರು ಸಂತಾಪ ಸೂಚಿಸಿದ್ದಾರೆ.
